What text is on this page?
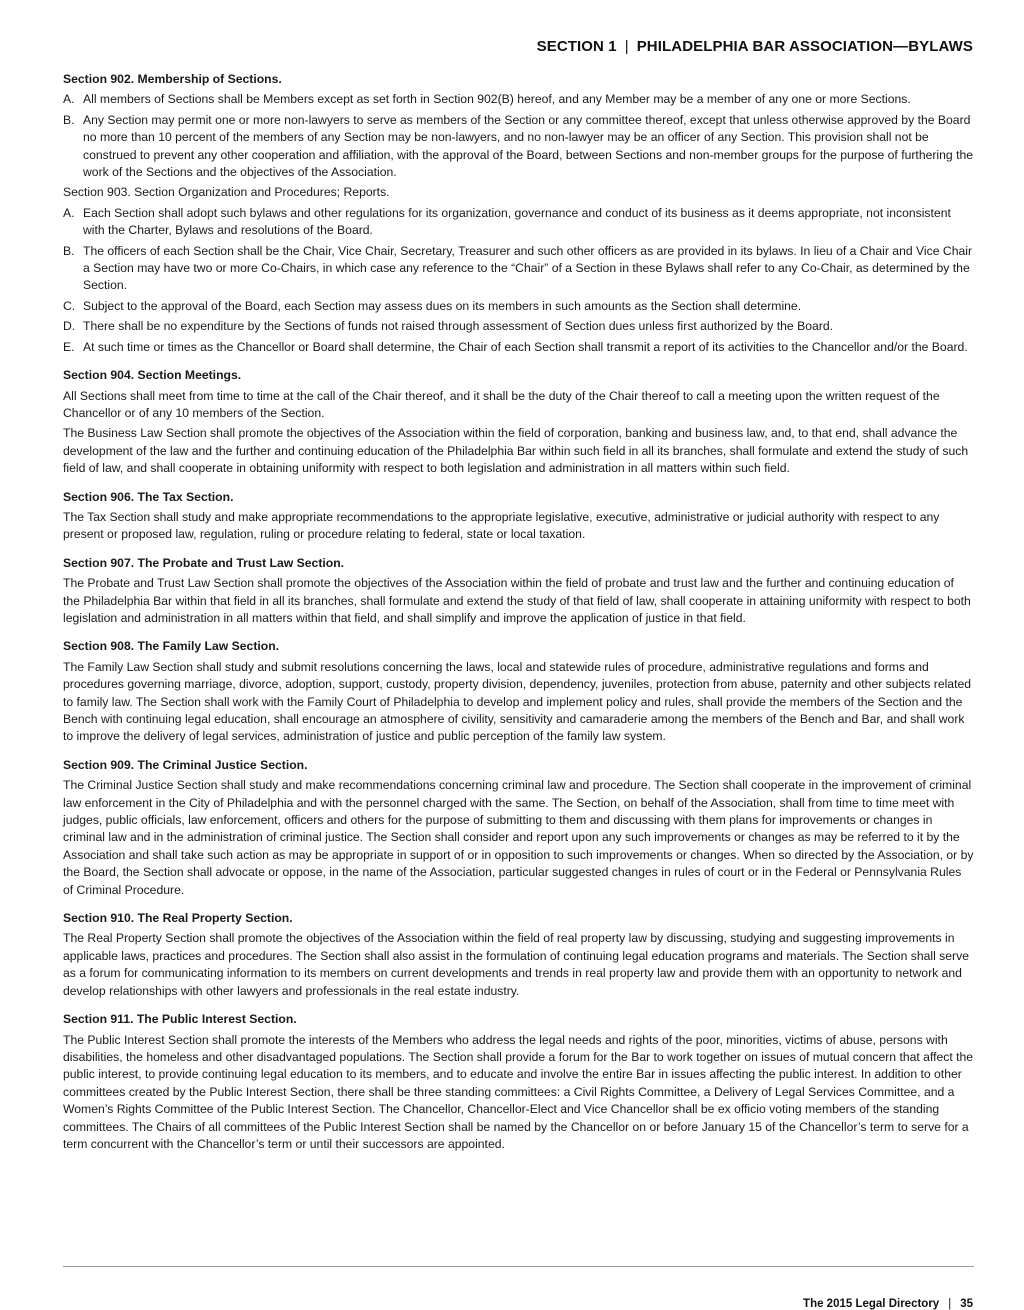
SECTION 1 | PHILADELPHIA BAR ASSOCIATION—BYLAWS
Section 902. Membership of Sections.
A. All members of Sections shall be Members except as set forth in Section 902(B) hereof, and any Member may be a member of any one or more Sections.
B. Any Section may permit one or more non-lawyers to serve as members of the Section or any committee thereof, except that unless otherwise approved by the Board no more than 10 percent of the members of any Section may be non-lawyers, and no non-lawyer may be an officer of any Section. This provision shall not be construed to prevent any other cooperation and affiliation, with the approval of the Board, between Sections and non-member groups for the purpose of furthering the work of the Sections and the objectives of the Association.
Section 903. Section Organization and Procedures; Reports.
A. Each Section shall adopt such bylaws and other regulations for its organization, governance and conduct of its business as it deems appropriate, not inconsistent with the Charter, Bylaws and resolutions of the Board.
B. The officers of each Section shall be the Chair, Vice Chair, Secretary, Treasurer and such other officers as are provided in its bylaws. In lieu of a Chair and Vice Chair a Section may have two or more Co-Chairs, in which case any reference to the “Chair” of a Section in these Bylaws shall refer to any Co-Chair, as determined by the Section.
C. Subject to the approval of the Board, each Section may assess dues on its members in such amounts as the Section shall determine.
D. There shall be no expenditure by the Sections of funds not raised through assessment of Section dues unless first authorized by the Board.
E. At such time or times as the Chancellor or Board shall determine, the Chair of each Section shall transmit a report of its activities to the Chancellor and/or the Board.
Section 904. Section Meetings.
All Sections shall meet from time to time at the call of the Chair thereof, and it shall be the duty of the Chair thereof to call a meeting upon the written request of the Chancellor or of any 10 members of the Section.
The Business Law Section shall promote the objectives of the Association within the field of corporation, banking and business law, and, to that end, shall advance the development of the law and the further and continuing education of the Philadelphia Bar within such field in all its branches, shall formulate and extend the study of such field of law, and shall cooperate in obtaining uniformity with respect to both legislation and administration in all matters within such field.
Section 906. The Tax Section.
The Tax Section shall study and make appropriate recommendations to the appropriate legislative, executive, administrative or judicial authority with respect to any present or proposed law, regulation, ruling or procedure relating to federal, state or local taxation.
Section 907. The Probate and Trust Law Section.
The Probate and Trust Law Section shall promote the objectives of the Association within the field of probate and trust law and the further and continuing education of the Philadelphia Bar within that field in all its branches, shall formulate and extend the study of that field of law, shall cooperate in attaining uniformity with respect to both legislation and administration in all matters within that field, and shall simplify and improve the application of justice in that field.
Section 908. The Family Law Section.
The Family Law Section shall study and submit resolutions concerning the laws, local and statewide rules of procedure, administrative regulations and forms and procedures governing marriage, divorce, adoption, support, custody, property division, dependency, juveniles, protection from abuse, paternity and other subjects related to family law. The Section shall work with the Family Court of Philadelphia to develop and implement policy and rules, shall provide the members of the Section and the Bench with continuing legal education, shall encourage an atmosphere of civility, sensitivity and camaraderie among the members of the Bench and Bar, and shall work to improve the delivery of legal services, administration of justice and public perception of the family law system.
Section 909. The Criminal Justice Section.
The Criminal Justice Section shall study and make recommendations concerning criminal law and procedure. The Section shall cooperate in the improvement of criminal law enforcement in the City of Philadelphia and with the personnel charged with the same. The Section, on behalf of the Association, shall from time to time meet with judges, public officials, law enforcement, officers and others for the purpose of submitting to them and discussing with them plans for improvements or changes in criminal law and in the administration of criminal justice. The Section shall consider and report upon any such improvements or changes as may be referred to it by the Association and shall take such action as may be appropriate in support of or in opposition to such improvements or changes. When so directed by the Association, or by the Board, the Section shall advocate or oppose, in the name of the Association, particular suggested changes in rules of court or in the Federal or Pennsylvania Rules of Criminal Procedure.
Section 910. The Real Property Section.
The Real Property Section shall promote the objectives of the Association within the field of real property law by discussing, studying and suggesting improvements in applicable laws, practices and procedures. The Section shall also assist in the formulation of continuing legal education programs and materials. The Section shall serve as a forum for communicating information to its members on current developments and trends in real property law and provide them with an opportunity to network and develop relationships with other lawyers and professionals in the real estate industry.
Section 911. The Public Interest Section.
The Public Interest Section shall promote the interests of the Members who address the legal needs and rights of the poor, minorities, victims of abuse, persons with disabilities, the homeless and other disadvantaged populations. The Section shall provide a forum for the Bar to work together on issues of mutual concern that affect the public interest, to provide continuing legal education to its members, and to educate and involve the entire Bar in issues affecting the public interest. In addition to other committees created by the Public Interest Section, there shall be three standing committees: a Civil Rights Committee, a Delivery of Legal Services Committee, and a Women’s Rights Committee of the Public Interest Section. The Chancellor, Chancellor-Elect and Vice Chancellor shall be ex officio voting members of the standing committees. The Chairs of all committees of the Public Interest Section shall be named by the Chancellor on or before January 15 of the Chancellor’s term to serve for a term concurrent with the Chancellor’s term or until their successors are appointed.
The 2015 Legal Directory | 35
